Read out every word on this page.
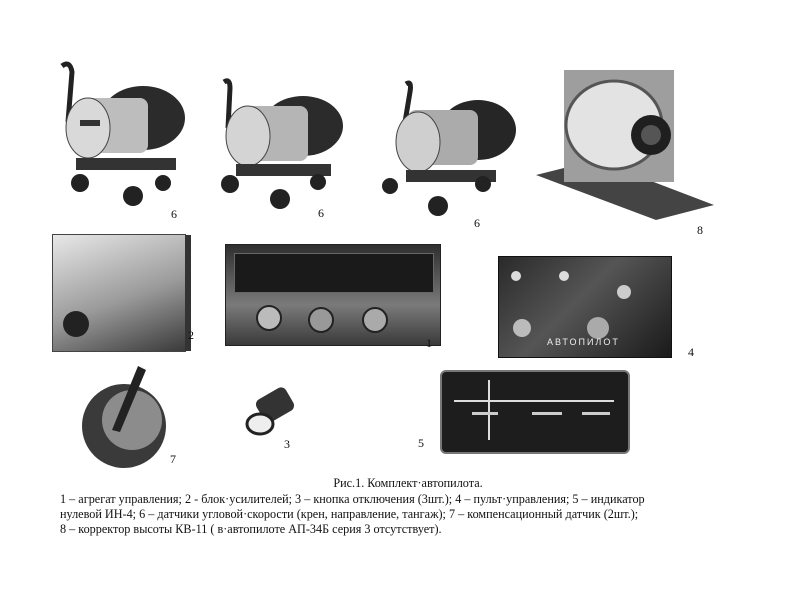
6	6
6	8
2
1	АВТОПИЛОТ
4
7
3	5
Рис.1. Комплект·автопилота.
1 – агрегат управления; 2 - блок·усилителей; 3 – кнопка отключения (3шт.); 4 – пульт·управления; 5 – индикатор
нулевой ИН-4; 6 – датчики угловой·скорости (крен, направление, тангаж); 7 – компенсационный датчик (2шт.);
8 – корректор высоты КВ-11 ( в·автопилоте АП-34Б серия 3 отсутствует).
